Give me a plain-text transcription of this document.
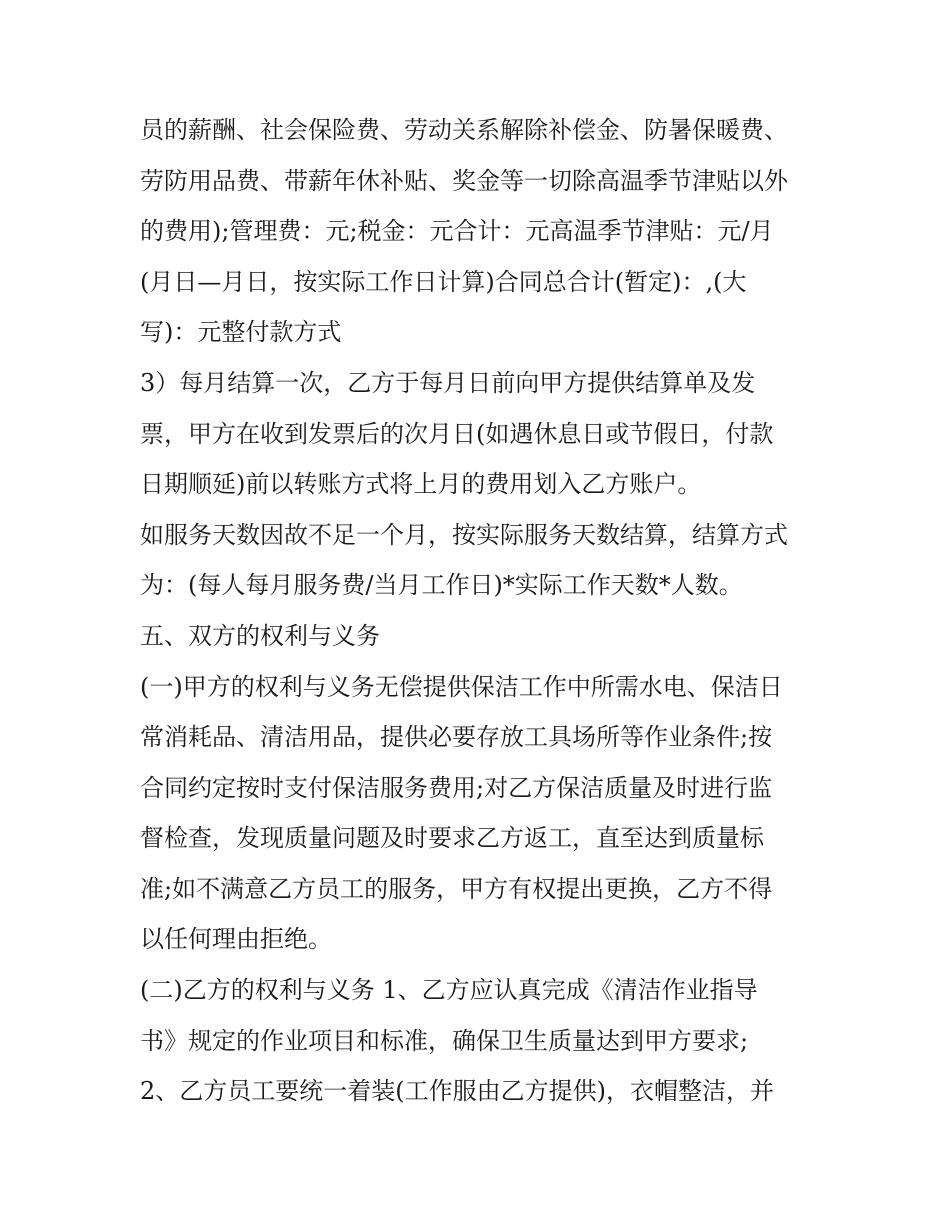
员的薪酬、社会保险费、劳动关系解除补偿金、防暑保暖费、

劳防用品费、带薪年休补贴、奖金等一切除高温季节津贴以外

的费用);管理费：元;税金：元合计：元高温季节津贴：元/月

(月日—月日，按实际工作日计算)合同总合计(暂定)：,(大

写)：元整付款方式

3）每月结算一次，乙方于每月日前向甲方提供结算单及发

票，甲方在收到发票后的次月日(如遇休息日或节假日，付款

日期顺延)前以转账方式将上月的费用划入乙方账户。

如服务天数因故不足一个月，按实际服务天数结算，结算方式

为：(每人每月服务费/当月工作日)*实际工作天数*人数。

五、双方的权利与义务

(一)甲方的权利与义务无偿提供保洁工作中所需水电、保洁日

常消耗品、清洁用品，提供必要存放工具场所等作业条件;按

合同约定按时支付保洁服务费用;对乙方保洁质量及时进行监

督检查，发现质量问题及时要求乙方返工，直至达到质量标

准;如不满意乙方员工的服务，甲方有权提出更换，乙方不得

以任何理由拒绝。

(二)乙方的权利与义务 1、乙方应认真完成《清洁作业指导

书》规定的作业项目和标准，确保卫生质量达到甲方要求;

2、乙方员工要统一着装(工作服由乙方提供)，衣帽整洁，并
